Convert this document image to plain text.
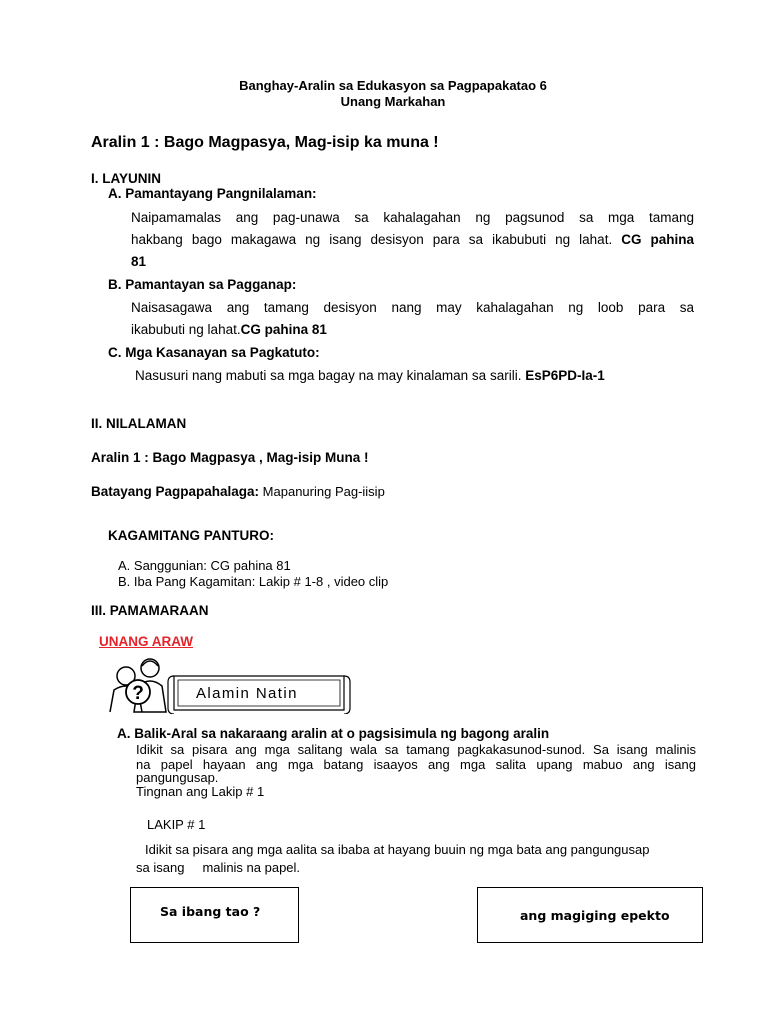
Banghay-Aralin sa Edukasyon sa Pagpapakatao 6
Unang Markahan
Aralin 1 : Bago Magpasya, Mag-isip ka muna !
I. LAYUNIN
A. Pamantayang Pangnilalaman:
Naipamamalas ang pag-unawa sa kahalagahan ng pagsunod sa mga tamang
hakbang bago makagawa ng isang desisyon para sa ikabubuti ng lahat. CG pahina
81
B. Pamantayan sa Pagganap:
Naisasagawa ang tamang desisyon nang may kahalagahan ng loob para sa
ikabubuti ng lahat.CG pahina 81
C. Mga Kasanayan sa Pagkatuto:
Nasusuri nang mabuti sa mga bagay na may kinalaman sa sarili. EsP6PD-Ia-1
II. NILALAMAN
Aralin 1 : Bago Magpasya , Mag-isip Muna !
Batayang Pagpapahalaga: Mapanuring Pag-iisip
KAGAMITANG PANTURO:
A. Sanggunian: CG pahina 81
B. Iba Pang Kagamitan: Lakip # 1-8 , video clip
III. PAMAMARAAN
UNANG ARAW
?	Alamin Natin
A. Balik-Aral sa nakaraang aralin at o pagsisimula ng bagong aralin
Idikit sa pisara ang mga salitang wala sa tamang pagkakasunod-sunod. Sa isang malinis
na papel hayaan ang mga batang isaayos ang mga salita upang mabuo ang isang
pangungusap.
Tingnan ang Lakip # 1
LAKIP # 1
Idikit sa pisara ang mga aalita sa ibaba at hayang buuin ng mga bata ang pangungusap
sa isang     malinis na papel.
Sa ibang tao ?	ang magiging epekto
